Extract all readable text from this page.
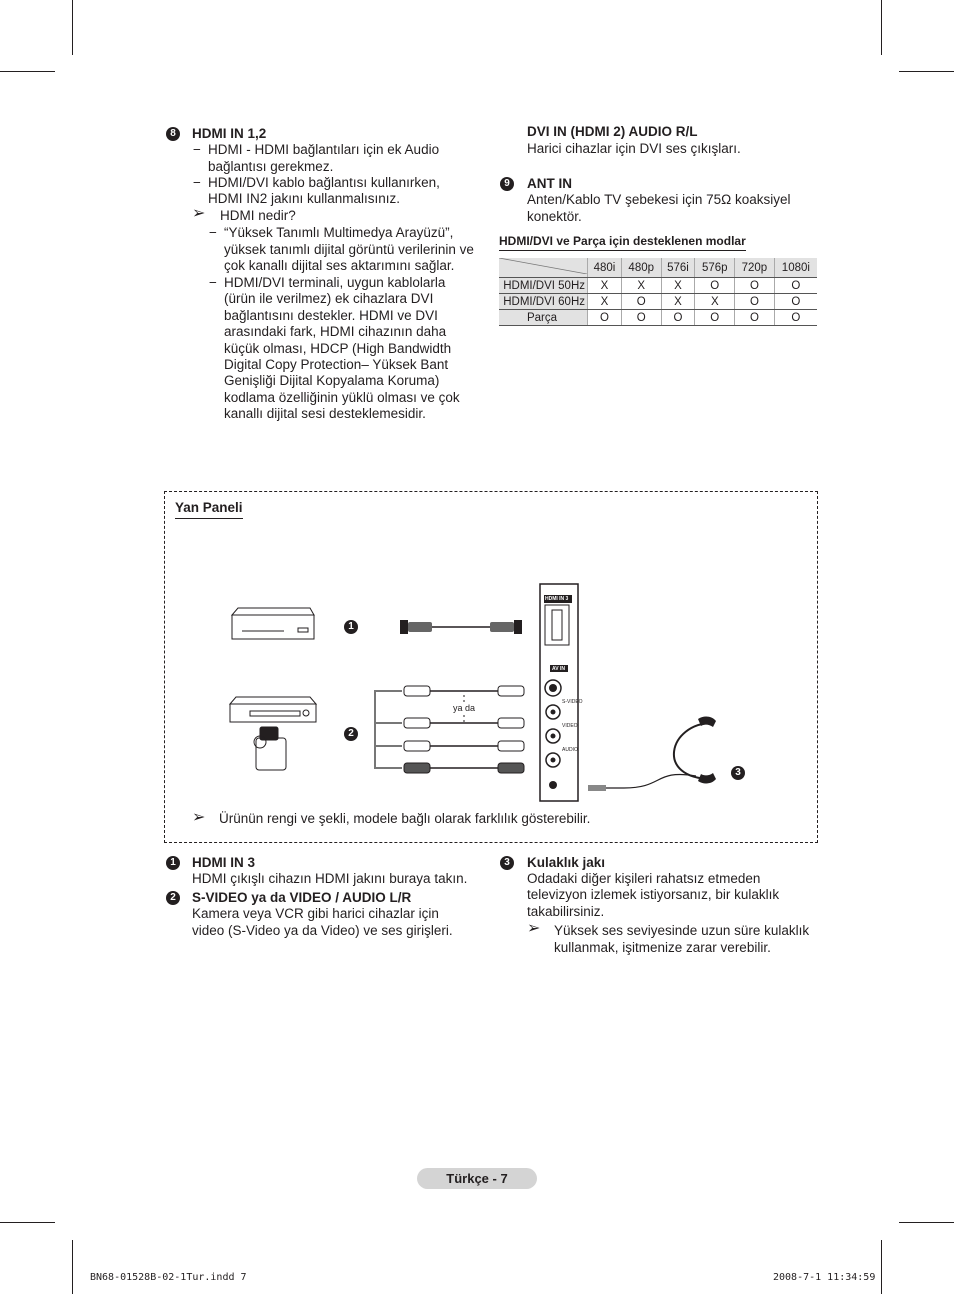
8	HDMI IN 1,2
− HDMI - HDMI bağlantıları için ek Audio
bağlantısı gerekmez.
− HDMI/DVI kablo bağlantısı kullanırken,
HDMI IN2 jakını kullanmalısınız.
➢ HDMI nedir?
− “Yüksek Tanımlı Multimedya Arayüzü”,
yüksek tanımlı dijital görüntü verilerinin ve
çok kanallı dijital ses aktarımını sağlar.
− HDMI/DVI terminali, uygun kablolarla
(ürün ile verilmez) ek cihazlara DVI
bağlantısını destekler. HDMI ve DVI
arasındaki fark, HDMI cihazının daha
küçük olması, HDCP (High Bandwidth
Digital Copy Protection– Yüksek Bant
Genişliği Dijital Kopyalama Koruma)
kodlama özelliğinin yüklü olması ve çok
kanallı dijital sesi desteklemesidir.
DVI IN (HDMI 2) AUDIO R/L
Harici cihazlar için DVI ses çıkışları.
9	ANT IN
Anten/Kablo TV şebekesi için 75Ω koaksiyel
konektör.
HDMI/DVI ve Parça için desteklenen modlar
	480i	480p	576i	576p	720p	1080i
HDMI/DVI 50Hz	X	X	X	O	O	O
HDMI/DVI 60Hz	X	O	X	X	O	O
Parça	O	O	O	O	O	O
Yan Paneli
HDMI IN 3
AV IN
S-VIDEO
VIDEO
AUDIO
ya da
1
2
3
➢ Ürünün rengi ve şekli, modele bağlı olarak farklılık gösterebilir.
1	HDMI IN 3
HDMI çıkışlı cihazın HDMI jakını buraya takın.
2	S-VIDEO ya da VIDEO / AUDIO L/R
Kamera veya VCR gibi harici cihazlar için
video (S-Video ya da Video) ve ses girişleri.
3	Kulaklık jakı
Odadaki diğer kişileri rahatsız etmeden
televizyon izlemek istiyorsanız, bir kulaklık
takabilirsiniz.
➢ Yüksek ses seviyesinde uzun süre kulaklık
kullanmak, işitmenize zarar verebilir.
Türkçe - 7
BN68-01528B-02-1Tur.indd 7	2008-7-1 11:34:59
